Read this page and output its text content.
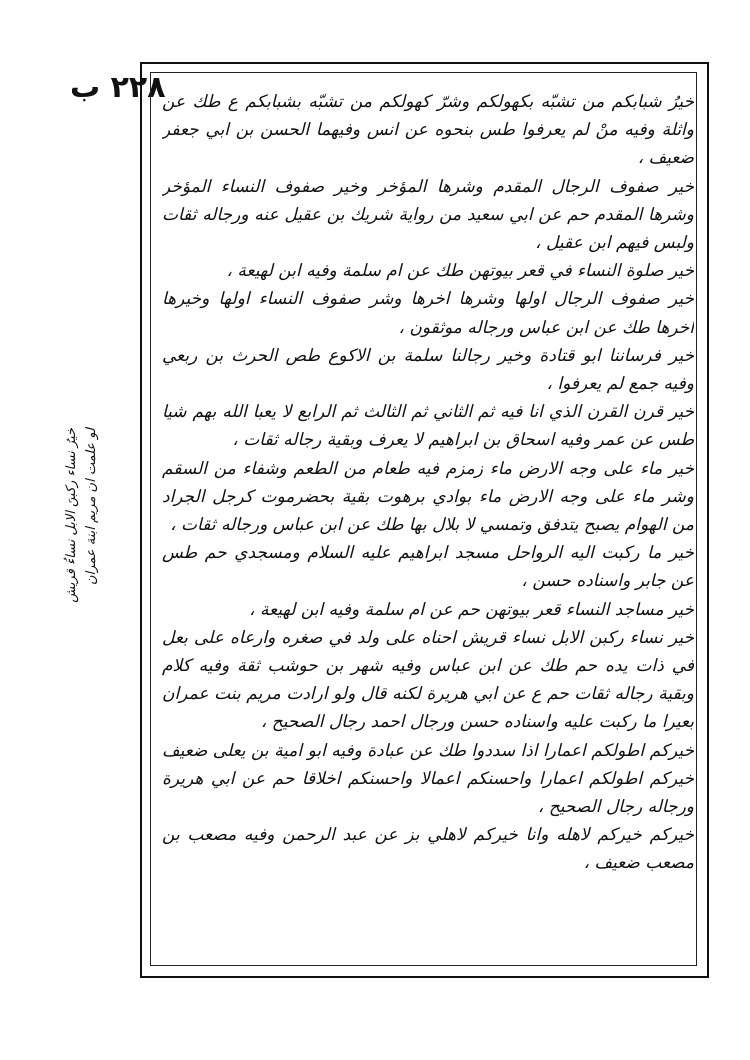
٢٢٨ ب

خيرُ شبابكم من تشبّه بكهولكم وشرّ كهولكم من تشبّه بشبابكم ع طك عن واثلة وفيه منْ لم يعرفوا طس بنحوه عن انس وفيهما الحسن بن ابي جعفر ضعيف ،

خير صفوف الرجال المقدم وشرها المؤخر وخير صفوف النساء المؤخر وشرها المقدم حم عن ابي سعيد من رواية شريك بن عقيل عنه ورجاله ثقات ولبس فيهم ابن عقيل ،

خير صلوة النساء في قعر بيوتهن طك عن ام سلمة وفيه ابن لهيعة ،

خير صفوف الرجال اولها وشرها اخرها وشر صفوف النساء اولها وخيرها اخرها طك عن ابن عباس ورجاله موثقون ،

خير فرساننا ابو قتادة وخير رجالنا سلمة بن الاكوع طص الحرث بن ربعي وفيه جمع لم يعرفوا ،

خير قرن القرن الذي انا فيه ثم الثاني ثم الثالث ثم الرابع لا يعبا الله بهم شيا طس عن عمر وفيه اسحاق بن ابراهيم لا يعرف وبقية رجاله ثقات ،

خير ماء على وجه الارض ماء زمزم فيه طعام من الطعم وشفاء من السقم وشر ماء على وجه الارض ماء بوادي برهوت بقية بحضرموت كرجل الجراد من الهوام يصبح يتدفق وتمسي لا بلال بها طك عن ابن عباس ورجاله ثقات ،

خير ما ركبت اليه الرواحل مسجد ابراهيم عليه السلام ومسجدي حم طس عن جابر واسناده حسن ،

خير مساجد النساء قعر بيوتهن حم عن ام سلمة وفيه ابن لهيعة ،

خير نساء ركبن الابل نساء قريش احناه على ولد في صغره وارعاه على بعل في ذات يده حم طك عن ابن عباس وفيه شهر بن حوشب ثقة وفيه كلام وبقية رجاله ثقات حم ع عن ابي هريرة لكنه قال ولو ارادت مريم بنت عمران بعيرا ما ركبت عليه واسناده حسن ورجال احمد رجال الصحيح ،

خيركم اطولكم اعمارا اذا سددوا طك عن عبادة وفيه ابو امية بن يعلى ضعيف خيركم اطولكم اعمارا واحسنكم اعمالا واحسنكم اخلاقا حم عن ابي هريرة ورجاله رجال الصحيح ،

خيركم خيركم لاهله وانا خيركم لاهلي بز عن عبد الرحمن وفيه مصعب بن مصعب ضعيف ،

خيرُ نساء ركبنَ الابل نساءُ قريش لو علمت ان مريم ابنة عمران
